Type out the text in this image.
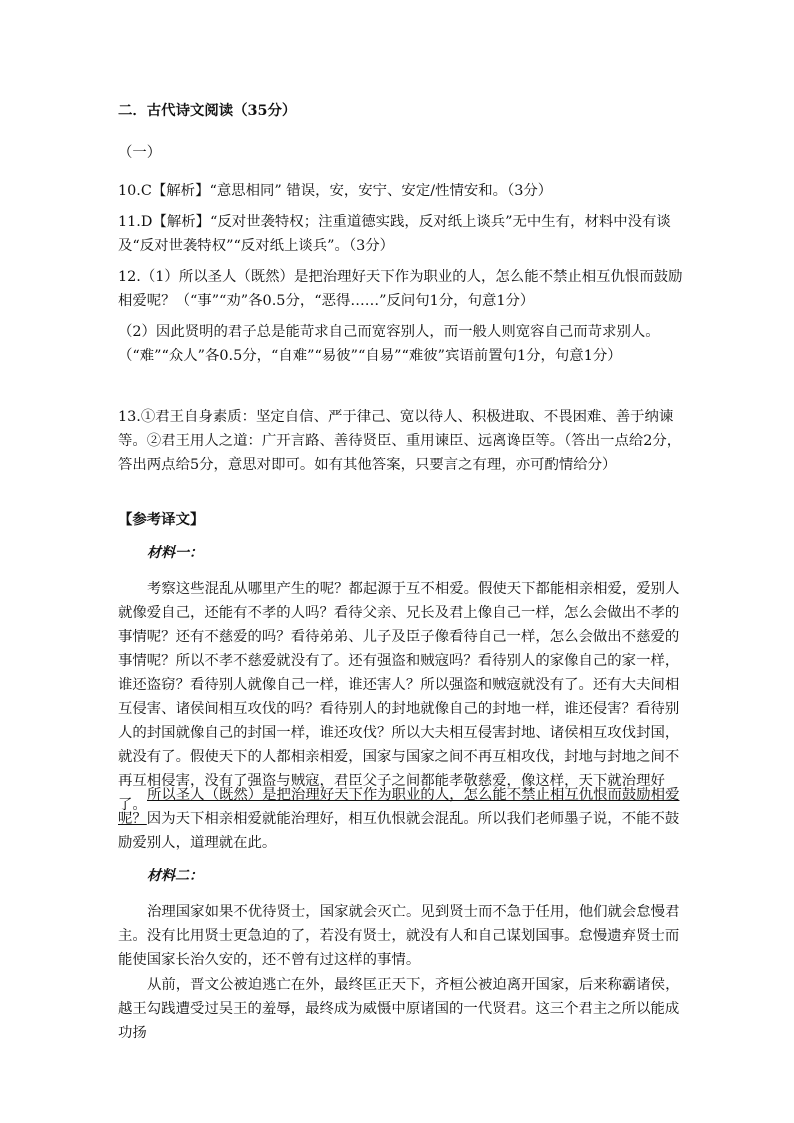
二．古代诗文阅读（35分）
（一）
10.C【解析】“意思相同” 错误，安，安宁、安定/性情安和。（3分）
11.D【解析】“反对世袭特权；注重道德实践，反对纸上谈兵”无中生有，材料中没有谈及“反对世袭特权”“反对纸上谈兵”。（3分）
12.（1）所以圣人（既然）是把治理好天下作为职业的人，怎么能不禁止相互仇恨而鼓励相爱呢？（“事”“劝”各0.5分，“恶得……”反问句1分，句意1分）
（2）因此贤明的君子总是能苛求自己而宽容别人，而一般人则宽容自己而苛求别人。（“难”“众人”各0.5分，“自难”“易彼”“自易”“难彼”宾语前置句1分，句意1分）
13.①君王自身素质：坚定自信、严于律己、宽以待人、积极进取、不畏困难、善于纳谏等。②君王用人之道：广开言路、善待贤臣、重用谏臣、远离谗臣等。（答出一点给2分，答出两点给5分，意思对即可。如有其他答案，只要言之有理，亦可酌情给分）
【参考译文】
材料一：
考察这些混乱从哪里产生的呢？都起源于互不相爱。假使天下都能相亲相爱，爱别人就像爱自己，还能有不孝的人吗？看待父亲、兄长及君上像自己一样，怎么会做出不孝的事情呢？还有不慈爱的吗？看待弟弟、儿子及臣子像看待自己一样，怎么会做出不慈爱的事情呢？所以不孝不慈爱就没有了。还有强盗和贼寇吗？看待别人的家像自己的家一样，谁还盗窃？看待别人就像自己一样，谁还害人？所以强盗和贼寇就没有了。还有大夫间相互侵害、诸侯间相互攻伐的吗？看待别人的封地就像自己的封地一样，谁还侵害？看待别人的封国就像自己的封国一样，谁还攻伐？所以大夫相互侵害封地、诸侯相互攻伐封国，就没有了。假使天下的人都相亲相爱，国家与国家之间不再互相攻伐，封地与封地之间不再互相侵害，没有了强盗与贼寇，君臣父子之间都能孝敬慈爱，像这样，天下就治理好了。
所以圣人（既然）是把治理好天下作为职业的人，怎么能不禁止相互仇恨而鼓励相爱呢？因为天下相亲相爱就能治理好，相互仇恨就会混乱。所以我们老师墨子说，不能不鼓励爱别人，道理就在此。
材料二：
治理国家如果不优待贤士，国家就会灭亡。见到贤士而不急于任用，他们就会怠慢君主。没有比用贤士更急迫的了，若没有贤士，就没有人和自己谋划国事。怠慢遗弃贤士而能使国家长治久安的，还不曾有过这样的事情。
从前，晋文公被迫逃亡在外，最终匡正天下，齐桓公被迫离开国家，后来称霸诸侯，越王勾践遭受过吴王的羞辱，最终成为威慑中原诸国的一代贤君。这三个君主之所以能成功扬
